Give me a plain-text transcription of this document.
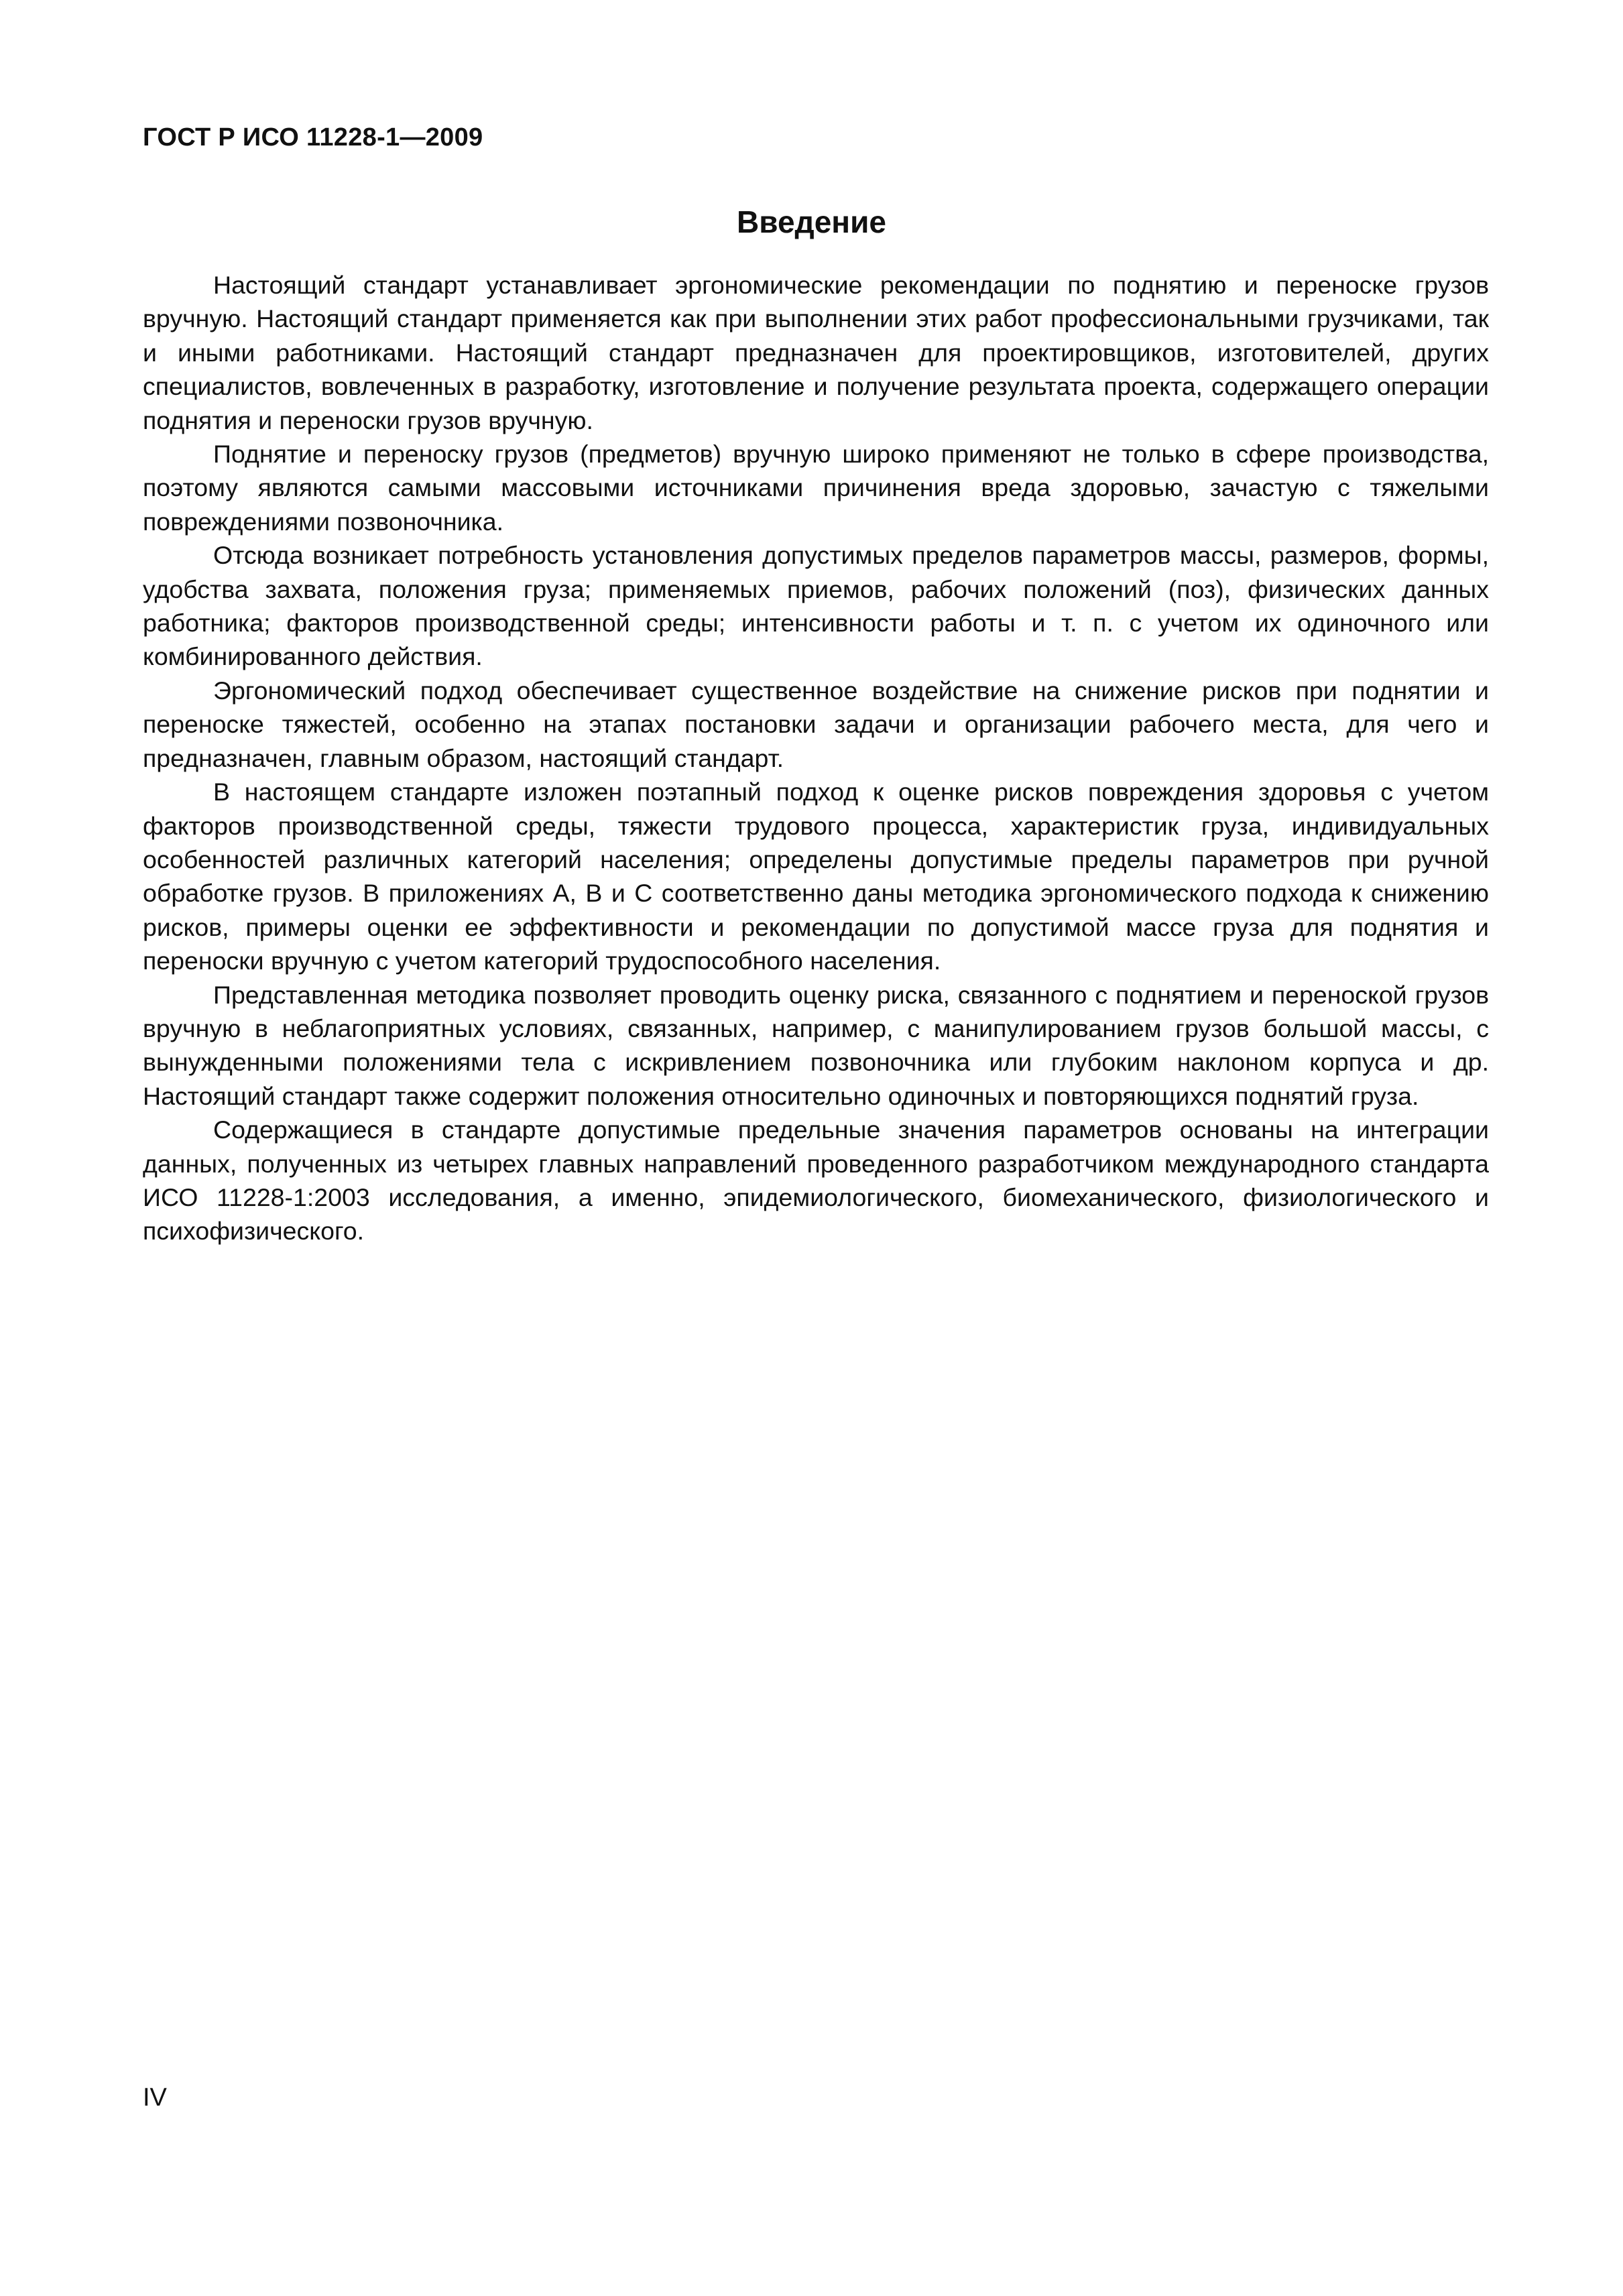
ГОСТ Р ИСО 11228-1—2009
Введение

Настоящий стандарт устанавливает эргономические рекомендации по поднятию и переноске грузов вручную. Настоящий стандарт применяется как при выполнении этих работ профессиональными грузчиками, так и иными работниками. Настоящий стандарт предназначен для проектировщиков, изготовителей, других специалистов, вовлеченных в разработку, изготовление и получение результата проекта, содержащего операции поднятия и переноски грузов вручную.

Поднятие и переноску грузов (предметов) вручную широко применяют не только в сфере производства, поэтому являются самыми массовыми источниками причинения вреда здоровью, зачастую с тяжелыми повреждениями позвоночника.

Отсюда возникает потребность установления допустимых пределов параметров массы, размеров, формы, удобства захвата, положения груза; применяемых приемов, рабочих положений (поз), физических данных работника; факторов производственной среды; интенсивности работы и т. п. с учетом их одиночного или комбинированного действия.

Эргономический подход обеспечивает существенное воздействие на снижение рисков при поднятии и переноске тяжестей, особенно на этапах постановки задачи и организации рабочего места, для чего и предназначен, главным образом, настоящий стандарт.

В настоящем стандарте изложен поэтапный подход к оценке рисков повреждения здоровья с учетом факторов производственной среды, тяжести трудового процесса, характеристик груза, индивидуальных особенностей различных категорий населения; определены допустимые пределы параметров при ручной обработке грузов. В приложениях А, В и С соответственно даны методика эргономического подхода к снижению рисков, примеры оценки ее эффективности и рекомендации по допустимой массе груза для поднятия и переноски вручную с учетом категорий трудоспособного населения.

Представленная методика позволяет проводить оценку риска, связанного с поднятием и переноской грузов вручную в неблагоприятных условиях, связанных, например, с манипулированием грузов большой массы, с вынужденными положениями тела с искривлением позвоночника или глубоким наклоном корпуса и др. Настоящий стандарт также содержит положения относительно одиночных и повторяющихся поднятий груза.

Содержащиеся в стандарте допустимые предельные значения параметров основаны на интеграции данных, полученных из четырех главных направлений проведенного разработчиком международного стандарта ИСО 11228-1:2003 исследования, а именно, эпидемиологического, биомеханического, физиологического и психофизического.

IV
